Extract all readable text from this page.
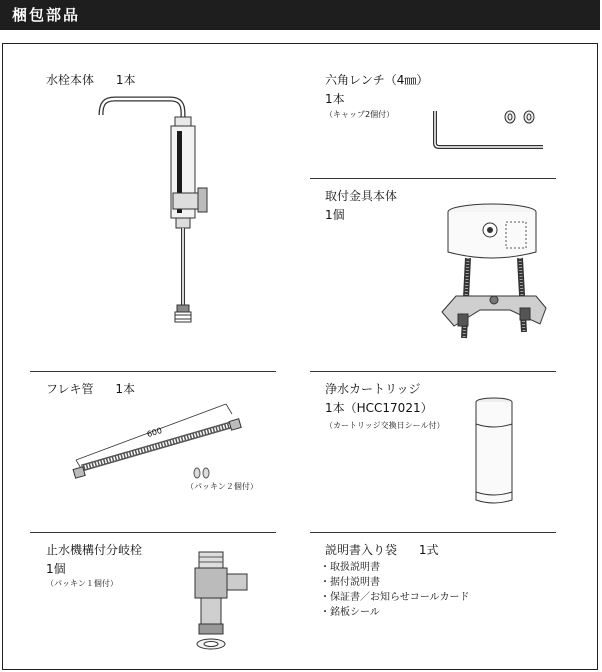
梱包部品
水栓本体 1本	六角レンチ（4㎜）
1本
（キャップ2個付）
取付金具本体
1個
フレキ管 1本
600
（パッキン２個付）
浄水カートリッジ
1本（HCC17021）
（カートリッジ交換日シール付）
止水機構付分岐栓
1個
（パッキン１個付）
説明書入り袋 1式
・ 取扱説明書
・ 据付説明書
・ 保証書／お知らせコールカード
・ 銘板シール
